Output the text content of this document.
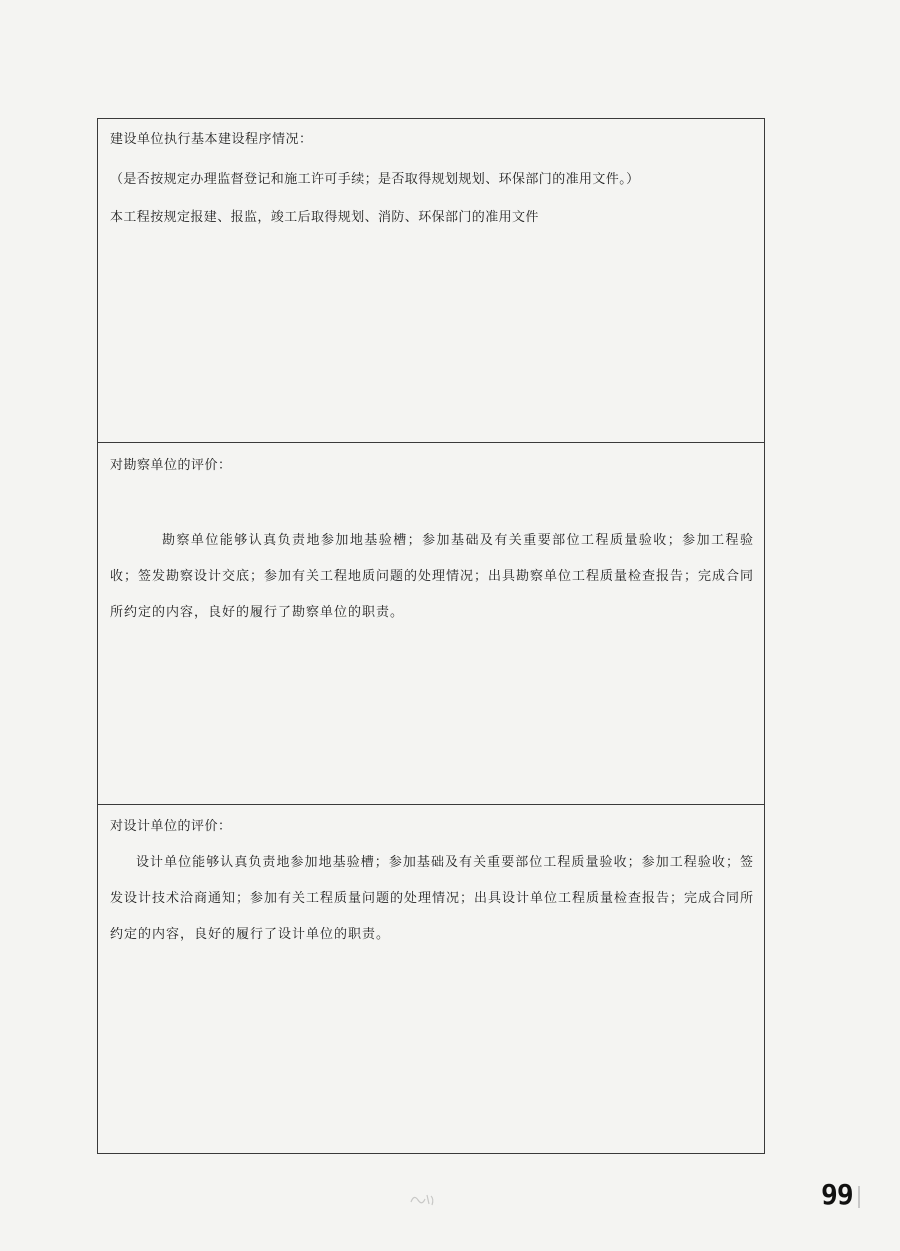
建设单位执行基本建设程序情况：
（是否按规定办理监督登记和施工许可手续；是否取得规划规划、环保部门的准用文件。）
本工程按规定报建、报监，竣工后取得规划、消防、环保部门的准用文件
对勘察单位的评价：
勘察单位能够认真负责地参加地基验槽；参加基础及有关重要部位工程质量验收；参加工程验收；签发勘察设计交底；参加有关工程地质问题的处理情况；出具勘察单位工程质量检查报告；完成合同所约定的内容，良好的履行了勘察单位的职责。
对设计单位的评价：
设计单位能够认真负责地参加地基验槽；参加基础及有关重要部位工程质量验收；参加工程验收；签发设计技术洽商通知；参加有关工程质量问题的处理情况；出具设计单位工程质量检查报告；完成合同所约定的内容，良好的履行了设计单位的职责。
99
